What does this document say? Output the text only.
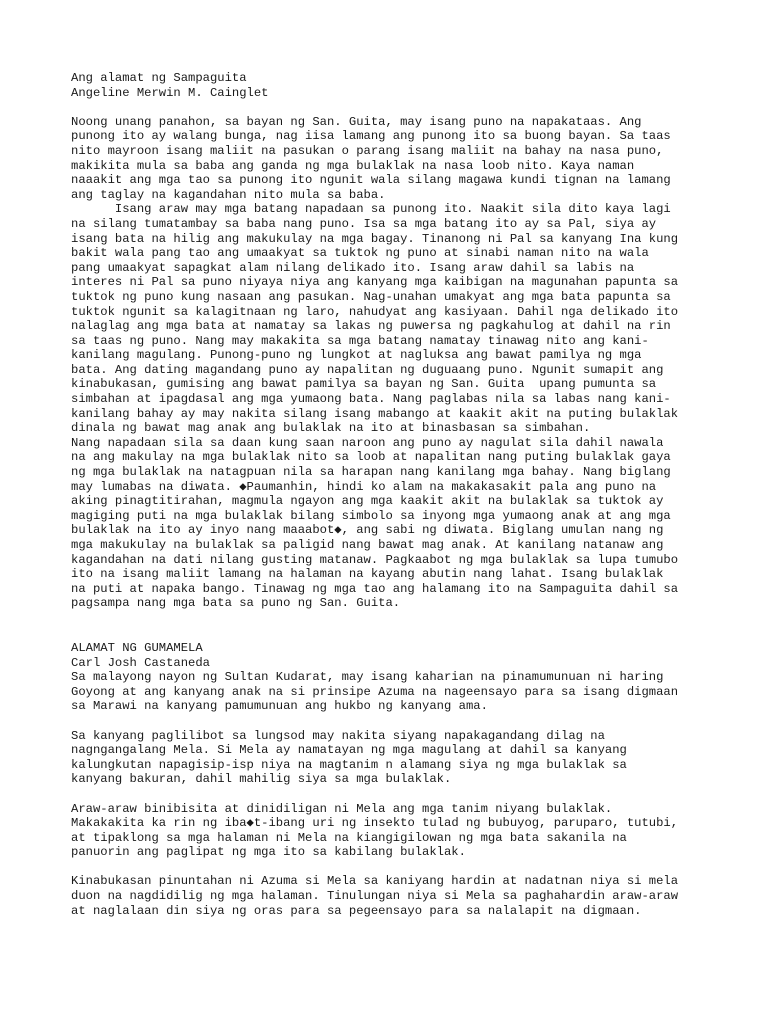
Ang alamat ng Sampaguita
Angeline Merwin M. Cainglet
Noong unang panahon, sa bayan ng San. Guita, may isang puno na napakataas. Ang
punong ito ay walang bunga, nag iisa lamang ang punong ito sa buong bayan. Sa taas
nito mayroon isang maliit na pasukan o parang isang maliit na bahay na nasa puno,
makikita mula sa baba ang ganda ng mga bulaklak na nasa loob nito. Kaya naman
naaakit ang mga tao sa punong ito ngunit wala silang magawa kundi tignan na lamang
ang taglay na kagandahan nito mula sa baba.
Isang araw may mga batang napadaan sa punong ito. Naakit sila dito kaya lagi
na silang tumatambay sa baba nang puno. Isa sa mga batang ito ay sa Pal, siya ay
isang bata na hilig ang makukulay na mga bagay. Tinanong ni Pal sa kanyang Ina kung
bakit wala pang tao ang umaakyat sa tuktok ng puno at sinabi naman nito na wala
pang umaakyat sapagkat alam nilang delikado ito. Isang araw dahil sa labis na
interes ni Pal sa puno niyaya niya ang kanyang mga kaibigan na magunahan papunta sa
tuktok ng puno kung nasaan ang pasukan. Nag-unahan umakyat ang mga bata papunta sa
tuktok ngunit sa kalagitnaan ng laro, nahudyat ang kasiyaan. Dahil nga delikado ito
nalaglag ang mga bata at namatay sa lakas ng puwersa ng pagkahulog at dahil na rin
sa taas ng puno. Nang may makakita sa mga batang namatay tinawag nito ang kani-
kanilang magulang. Punong-puno ng lungkot at nagluksa ang bawat pamilya ng mga
bata. Ang dating magandang puno ay napalitan ng duguaang puno. Ngunit sumapit ang
kinabukasan, gumising ang bawat pamilya sa bayan ng San. Guita  upang pumunta sa
simbahan at ipagdasal ang mga yumaong bata. Nang paglabas nila sa labas nang kani-
kanilang bahay ay may nakita silang isang mabango at kaakit akit na puting bulaklak
dinala ng bawat mag anak ang bulaklak na ito at binasbasan sa simbahan.
Nang napadaan sila sa daan kung saan naroon ang puno ay nagulat sila dahil nawala
na ang makulay na mga bulaklak nito sa loob at napalitan nang puting bulaklak gaya
ng mga bulaklak na natagpuan nila sa harapan nang kanilang mga bahay. Nang biglang
may lumabas na diwata. ◆Paumanhin, hindi ko alam na makakasakit pala ang puno na
aking pinagtitirahan, magmula ngayon ang mga kaakit akit na bulaklak sa tuktok ay
magiging puti na mga bulaklak bilang simbolo sa inyong mga yumaong anak at ang mga
bulaklak na ito ay inyo nang maaabot◆, ang sabi ng diwata. Biglang umulan nang ng
mga makukulay na bulaklak sa paligid nang bawat mag anak. At kanilang natanaw ang
kagandahan na dati nilang gusting matanaw. Pagkaabot ng mga bulaklak sa lupa tumubo
ito na isang maliit lamang na halaman na kayang abutin nang lahat. Isang bulaklak
na puti at napaka bango. Tinawag ng mga tao ang halamang ito na Sampaguita dahil sa
pagsampa nang mga bata sa puno ng San. Guita.
ALAMAT NG GUMAMELA
Carl Josh Castaneda
Sa malayong nayon ng Sultan Kudarat, may isang kaharian na pinamumunuan ni haring
Goyong at ang kanyang anak na si prinsipe Azuma na nageensayo para sa isang digmaan
sa Marawi na kanyang pamumunuan ang hukbo ng kanyang ama.
Sa kanyang paglilibot sa lungsod may nakita siyang napakagandang dilag na
nagngangalang Mela. Si Mela ay namatayan ng mga magulang at dahil sa kanyang
kalungkutan napagisip-isp niya na magtanim n alamang siya ng mga bulaklak sa
kanyang bakuran, dahil mahilig siya sa mga bulaklak.
Araw-araw binibisita at dinidiligan ni Mela ang mga tanim niyang bulaklak.
Makakakita ka rin ng iba◆t-ibang uri ng insekto tulad ng bubuyog, paruparo, tutubi,
at tipaklong sa mga halaman ni Mela na kiangigilowan ng mga bata sakanila na
panuorin ang paglipat ng mga ito sa kabilang bulaklak.
Kinabukasan pinuntahan ni Azuma si Mela sa kaniyang hardin at nadatnan niya si mela
duon na nagdidilig ng mga halaman. Tinulungan niya si Mela sa paghahardin araw-araw
at naglalaan din siya ng oras para sa pegeensayo para sa nalalapit na digmaan.
